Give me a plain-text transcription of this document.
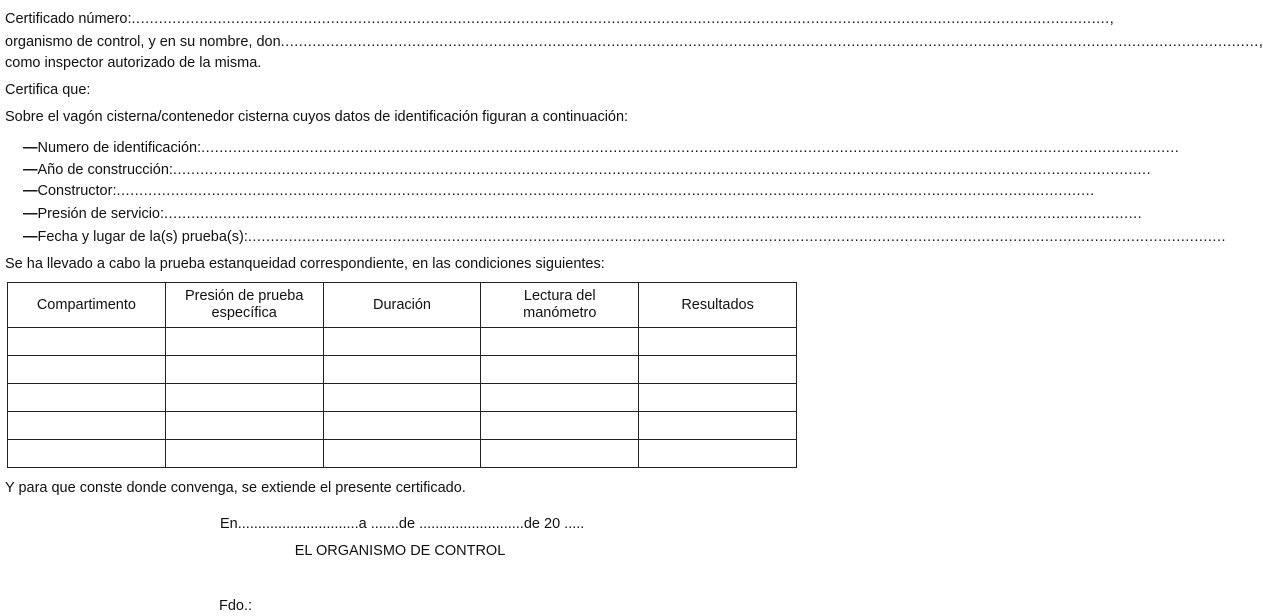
Certificado número: ........................................................................................................................................................................................................................ ,
organismo de control, y en su nombre, don ........................................................................................................................................................................................................................ ,
como inspector autorizado de la misma.
Certifica que:
Sobre el vagón cisterna/contenedor cisterna cuyos datos de identificación figuran a continuación:
— Numero de identificación: ........................................................................................................................................................................................................................
— Año de construcción: ........................................................................................................................................................................................................................
— Constructor: ........................................................................................................................................................................................................................
— Presión de servicio: ........................................................................................................................................................................................................................
— Fecha y lugar de la(s) prueba(s): ........................................................................................................................................................................................................................
Se ha llevado a cabo la prueba estanqueidad correspondiente, en las condiciones siguientes:
Compartimento	Presión de prueba específica	Duración	Lectura del manómetro	Resultados

Y para que conste donde convenga, se extiende el presente certificado.
En..............................a .......de ..........................de 20 .....
EL ORGANISMO DE CONTROL
Fdo.:
